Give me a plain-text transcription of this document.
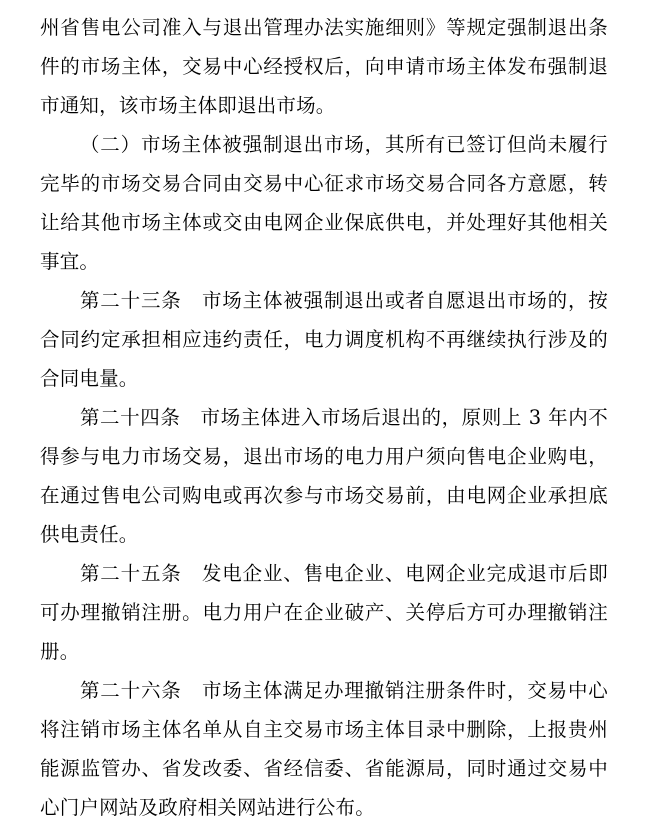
州省售电公司准入与退出管理办法实施细则》等规定强制退出条件的市场主体，交易中心经授权后，向申请市场主体发布强制退市通知，该市场主体即退出市场。

（二）市场主体被强制退出市场，其所有已签订但尚未履行完毕的市场交易合同由交易中心征求市场交易合同各方意愿，转让给其他市场主体或交由电网企业保底供电，并处理好其他相关事宜。

第二十三条　市场主体被强制退出或者自愿退出市场的，按合同约定承担相应违约责任，电力调度机构不再继续执行涉及的合同电量。

第二十四条　市场主体进入市场后退出的，原则上 3 年内不得参与电力市场交易，退出市场的电力用户须向售电企业购电，在通过售电公司购电或再次参与市场交易前，由电网企业承担底供电责任。

第二十五条　发电企业、售电企业、电网企业完成退市后即可办理撤销注册。电力用户在企业破产、关停后方可办理撤销注册。

第二十六条　市场主体满足办理撤销注册条件时，交易中心将注销市场主体名单从自主交易市场主体目录中删除，上报贵州能源监管办、省发改委、省经信委、省能源局，同时通过交易中心门户网站及政府相关网站进行公布。
